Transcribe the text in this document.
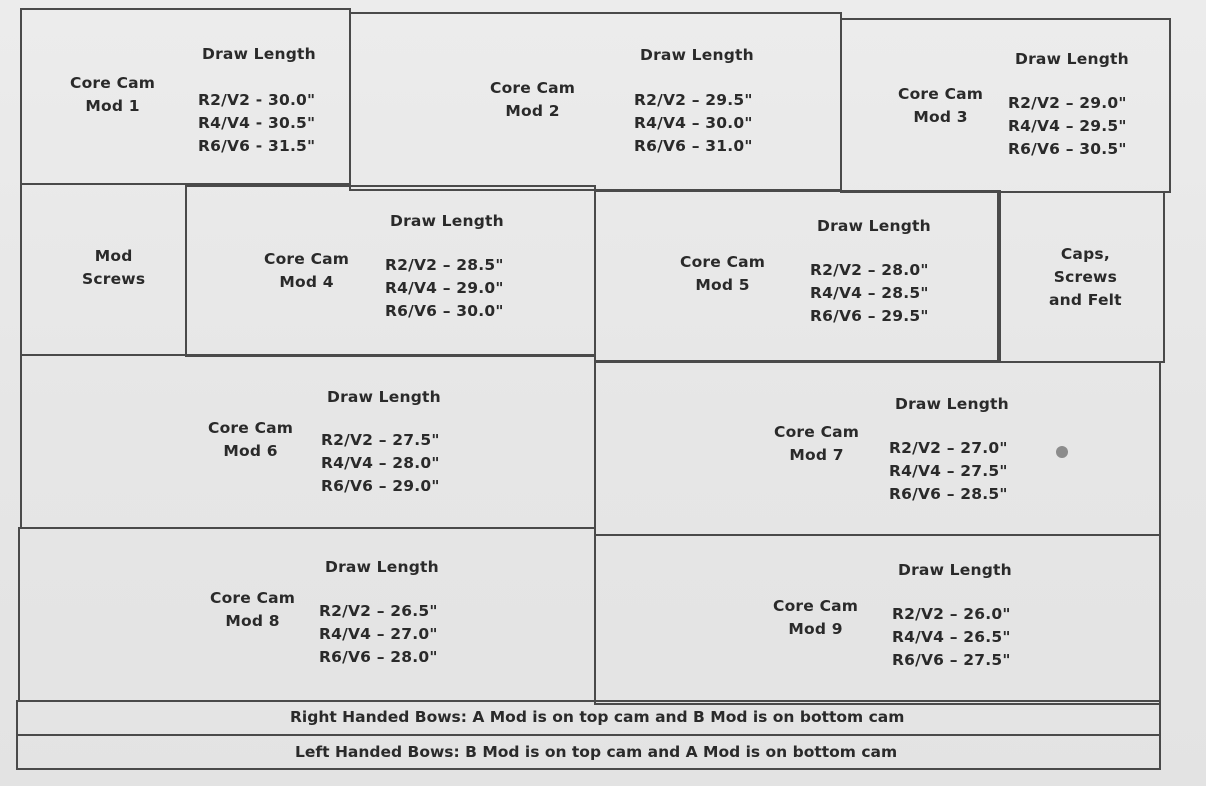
Core Cam
Mod 1
Draw Length
R2/V2 - 30.0"
R4/V4 - 30.5"
R6/V6 - 31.5"
Core Cam
Mod 2
Draw Length
R2/V2 – 29.5"
R4/V4 – 30.0"
R6/V6 – 31.0"
Core Cam
Mod 3
Draw Length
R2/V2 – 29.0"
R4/V4 – 29.5"
R6/V6 – 30.5"
Mod
Screws
Core Cam
Mod 4
Draw Length
R2/V2 – 28.5"
R4/V4 – 29.0"
R6/V6 – 30.0"
Core Cam
Mod 5
Draw Length
R2/V2 – 28.0"
R4/V4 – 28.5"
R6/V6 – 29.5"
Caps,
Screws
and Felt
Core Cam
Mod 6
Draw Length
R2/V2 – 27.5"
R4/V4 – 28.0"
R6/V6 – 29.0"
Core Cam
Mod 7
Draw Length
R2/V2 – 27.0"
R4/V4 – 27.5"
R6/V6 – 28.5"
Core Cam
Mod 8
Draw Length
R2/V2 – 26.5"
R4/V4 – 27.0"
R6/V6 – 28.0"
Core Cam
Mod 9
Draw Length
R2/V2 – 26.0"
R4/V4 – 26.5"
R6/V6 – 27.5"
Right Handed Bows: A Mod is on top cam and B Mod is on bottom cam
Left Handed Bows: B Mod is on top cam and A Mod is on bottom cam
